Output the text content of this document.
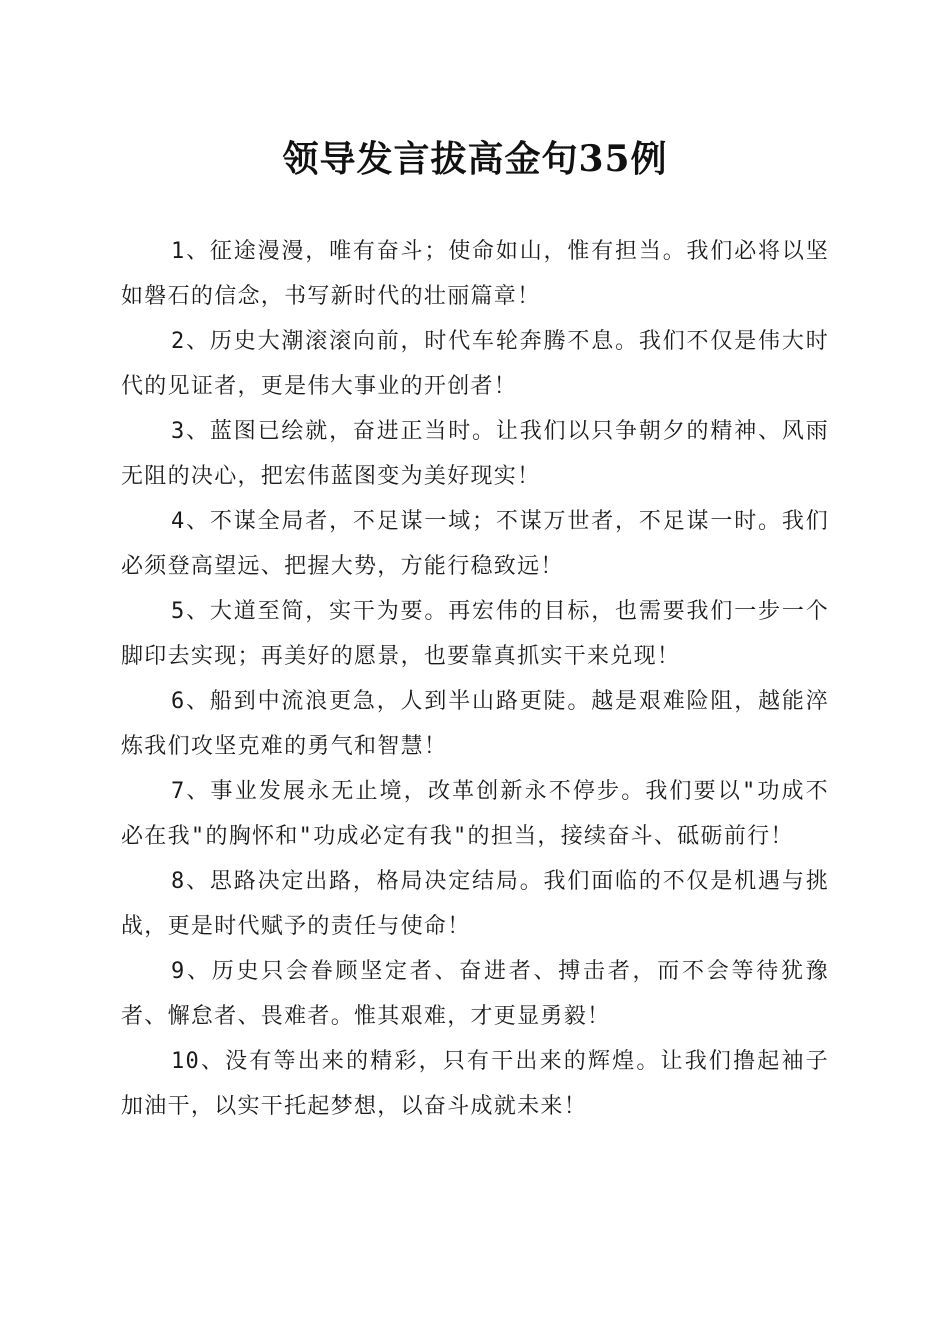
领导发言拔高金句35例

1、征途漫漫，唯有奋斗；使命如山，惟有担当。我们必将以坚如磐石的信念，书写新时代的壮丽篇章！

2、历史大潮滚滚向前，时代车轮奔腾不息。我们不仅是伟大时代的见证者，更是伟大事业的开创者！

3、蓝图已绘就，奋进正当时。让我们以只争朝夕的精神、风雨无阻的决心，把宏伟蓝图变为美好现实！

4、不谋全局者，不足谋一域；不谋万世者，不足谋一时。我们必须登高望远、把握大势，方能行稳致远！

5、大道至简，实干为要。再宏伟的目标，也需要我们一步一个脚印去实现；再美好的愿景，也要靠真抓实干来兑现！

6、船到中流浪更急，人到半山路更陡。越是艰难险阻，越能淬炼我们攻坚克难的勇气和智慧！

7、事业发展永无止境，改革创新永不停步。我们要以"功成不必在我"的胸怀和"功成必定有我"的担当，接续奋斗、砥砺前行！

8、思路决定出路，格局决定结局。我们面临的不仅是机遇与挑战，更是时代赋予的责任与使命！

9、历史只会眷顾坚定者、奋进者、搏击者，而不会等待犹豫者、懈怠者、畏难者。惟其艰难，才更显勇毅！

10、没有等出来的精彩，只有干出来的辉煌。让我们撸起袖子加油干，以实干托起梦想，以奋斗成就未来！
